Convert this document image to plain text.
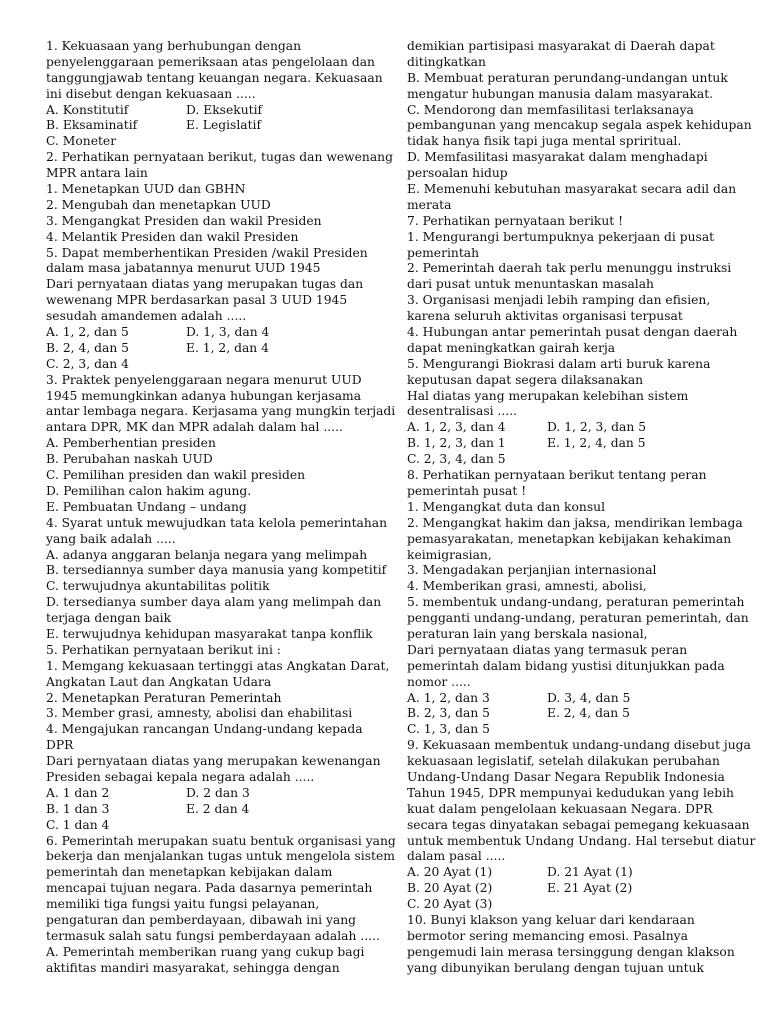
1. Kekuasaan yang berhubungan dengan
penyelenggaraan pemeriksaan atas pengelolaan dan
tanggungjawab tentang keuangan negara. Kekuasaan
ini disebut dengan kekuasaan .....
A. Konstitutif	D. Eksekutif
B. Eksaminatif	E. Legislatif
C. Moneter
2. Perhatikan pernyataan berikut, tugas dan wewenang
MPR antara lain
1. Menetapkan UUD dan GBHN
2. Mengubah dan menetapkan UUD
3. Mengangkat Presiden dan wakil Presiden
4. Melantik Presiden dan wakil Presiden
5. Dapat memberhentikan Presiden /wakil Presiden
dalam masa jabatannya menurut UUD 1945
Dari pernyataan diatas yang merupakan tugas dan
wewenang MPR berdasarkan pasal 3 UUD 1945
sesudah amandemen adalah .....
A. 1, 2, dan 5	D. 1, 3, dan 4
B. 2, 4, dan 5	E. 1, 2, dan 4
C. 2, 3, dan 4
3. Praktek penyelenggaraan negara menurut UUD
1945 memungkinkan adanya hubungan kerjasama
antar lembaga negara. Kerjasama yang mungkin terjadi
antara DPR, MK dan MPR adalah dalam hal .....
A. Pemberhentian presiden
B. Perubahan naskah UUD
C. Pemilihan presiden dan wakil presiden
D. Pemilihan calon hakim agung.
E. Pembuatan Undang – undang
4. Syarat untuk mewujudkan tata kelola pemerintahan
yang baik adalah .....
A. adanya anggaran belanja negara yang melimpah
B. tersediannya sumber daya manusia yang kompetitif
C. terwujudnya akuntabilitas politik
D. tersedianya sumber daya alam yang melimpah dan
terjaga dengan baik
E. terwujudnya kehidupan masyarakat tanpa konflik
5. Perhatikan pernyataan berikut ini :
1. Memgang kekuasaan tertinggi atas Angkatan Darat,
Angkatan Laut dan Angkatan Udara
2. Menetapkan Peraturan Pemerintah
3. Member grasi, amnesty, abolisi dan ehabilitasi
4. Mengajukan rancangan Undang-undang kepada
DPR
Dari pernyataan diatas yang merupakan kewenangan
Presiden sebagai kepala negara adalah .....
A. 1 dan 2	D. 2 dan 3
B. 1 dan 3	E. 2 dan 4
C. 1 dan 4
6. Pemerintah merupakan suatu bentuk organisasi yang
bekerja dan menjalankan tugas untuk mengelola sistem
pemerintah dan menetapkan kebijakan dalam
mencapai tujuan negara. Pada dasarnya pemerintah
memiliki tiga fungsi yaitu fungsi pelayanan,
pengaturan dan pemberdayaan, dibawah ini yang
termasuk salah satu fungsi pemberdayaan adalah .....
A. Pemerintah memberikan ruang yang cukup bagi
aktifitas mandiri masyarakat, sehingga dengan
demikian partisipasi masyarakat di Daerah dapat
ditingkatkan
B. Membuat peraturan perundang-undangan untuk
mengatur hubungan manusia dalam masyarakat.
C. Mendorong dan memfasilitasi terlaksanaya
pembangunan yang mencakup segala aspek kehidupan
tidak hanya fisik tapi juga mental spriritual.
D. Memfasilitasi masyarakat dalam menghadapi
persoalan hidup
E. Memenuhi kebutuhan masyarakat secara adil dan
merata
7. Perhatikan pernyataan berikut !
1. Mengurangi bertumpuknya pekerjaan di pusat
pemerintah
2. Pemerintah daerah tak perlu menunggu instruksi
dari pusat untuk menuntaskan masalah
3. Organisasi menjadi lebih ramping dan efisien,
karena seluruh aktivitas organisasi terpusat
4. Hubungan antar pemerintah pusat dengan daerah
dapat meningkatkan gairah kerja
5. Mengurangi Biokrasi dalam arti buruk karena
keputusan dapat segera dilaksanakan
Hal diatas yang merupakan kelebihan sistem
desentralisasi .....
A. 1, 2, 3, dan 4	D. 1, 2, 3, dan 5
B. 1, 2, 3, dan 1	E. 1, 2, 4, dan 5
C. 2, 3, 4, dan 5
8. Perhatikan pernyataan berikut tentang peran
pemerintah pusat !
1. Mengangkat duta dan konsul
2. Mengangkat hakim dan jaksa, mendirikan lembaga
pemasyarakatan, menetapkan kebijakan kehakiman
keimigrasian,
3. Mengadakan perjanjian internasional
4. Memberikan grasi, amnesti, abolisi,
5. membentuk undang-undang, peraturan pemerintah
pengganti undang-undang, peraturan pemerintah, dan
peraturan lain yang berskala nasional,
Dari pernyataan diatas yang termasuk peran
pemerintah dalam bidang yustisi ditunjukkan pada
nomor .....
A. 1, 2, dan 3	D. 3, 4, dan 5
B. 2, 3, dan 5	E. 2, 4, dan 5
C. 1, 3, dan 5
9. Kekuasaan membentuk undang-undang disebut juga
kekuasaan legislatif, setelah dilakukan perubahan
Undang-Undang Dasar Negara Republik Indonesia
Tahun 1945, DPR mempunyai kedudukan yang lebih
kuat dalam pengelolaan kekuasaan Negara. DPR
secara tegas dinyatakan sebagai pemegang kekuasaan
untuk membentuk Undang Undang. Hal tersebut diatur
dalam pasal .....
A. 20 Ayat (1)	D. 21 Ayat (1)
B. 20 Ayat (2)	E. 21 Ayat (2)
C. 20 Ayat (3)
10. Bunyi klakson yang keluar dari kendaraan
bermotor sering memancing emosi. Pasalnya
pengemudi lain merasa tersinggung dengan klakson
yang dibunyikan berulang dengan tujuan untuk
